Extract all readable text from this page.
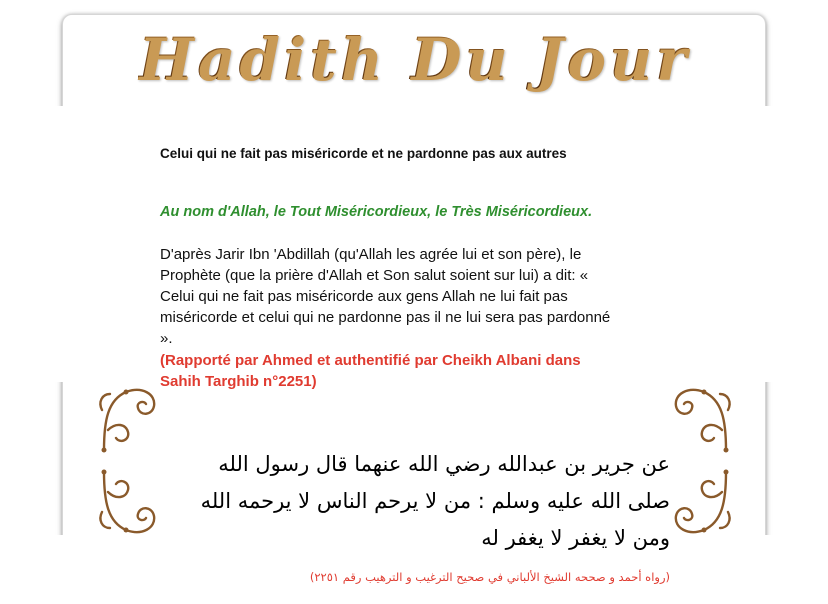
Hadith Du Jour
Celui qui ne fait pas miséricorde et ne pardonne pas aux autres
Au nom d'Allah, le Tout Miséricordieux, le Très Miséricordieux.
D'après Jarir Ibn 'Abdillah (qu'Allah les agrée lui et son père), le
Prophète (que la prière d'Allah et Son salut soient sur lui) a dit: «
Celui qui ne fait pas miséricorde aux gens Allah ne lui fait pas
miséricorde et celui qui ne pardonne pas il ne lui sera pas pardonné
».
(Rapporté par Ahmed et authentifié par Cheikh Albani dans
Sahih Targhib n°2251)
عن جرير بن عبدالله رضي الله عنهما قال رسول الله
صلى الله عليه وسلم : من لا يرحم الناس لا يرحمه الله
ومن لا يغفر لا يغفر له
(رواه أحمد و صححه الشيخ الألباني في صحيح الترغيب و الترهيب رقم ٢٢٥١)
